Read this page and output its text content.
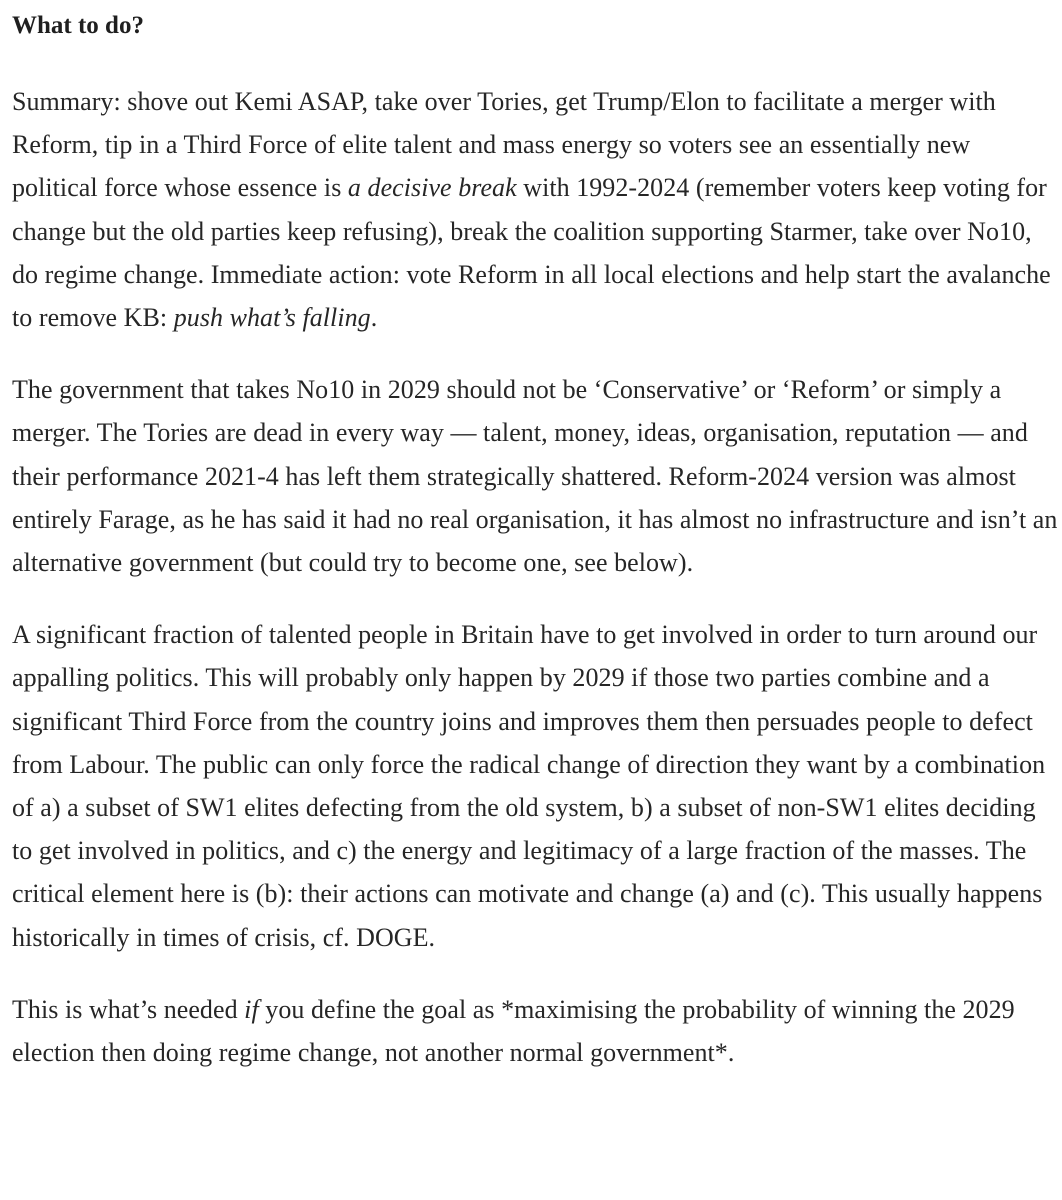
What to do?

Summary: shove out Kemi ASAP, take over Tories, get Trump/Elon to facilitate a merger with Reform, tip in a Third Force of elite talent and mass energy so voters see an essentially new political force whose essence is a decisive break with 1992-2024 (remember voters keep voting for change but the old parties keep refusing), break the coalition supporting Starmer, take over No10, do regime change. Immediate action: vote Reform in all local elections and help start the avalanche to remove KB: push what’s falling.

The government that takes No10 in 2029 should not be ‘Conservative’ or ‘Reform’ or simply a merger. The Tories are dead in every way — talent, money, ideas, organisation, reputation — and their performance 2021-4 has left them strategically shattered. Reform-2024 version was almost entirely Farage, as he has said it had no real organisation, it has almost no infrastructure and isn’t an alternative government (but could try to become one, see below).

A significant fraction of talented people in Britain have to get involved in order to turn around our appalling politics. This will probably only happen by 2029 if those two parties combine and a significant Third Force from the country joins and improves them then persuades people to defect from Labour. The public can only force the radical change of direction they want by a combination of a) a subset of SW1 elites defecting from the old system, b) a subset of non-SW1 elites deciding to get involved in politics, and c) the energy and legitimacy of a large fraction of the masses. The critical element here is (b): their actions can motivate and change (a) and (c). This usually happens historically in times of crisis, cf. DOGE.

This is what’s needed if you define the goal as *maximising the probability of winning the 2029 election then doing regime change, not another normal government*.
